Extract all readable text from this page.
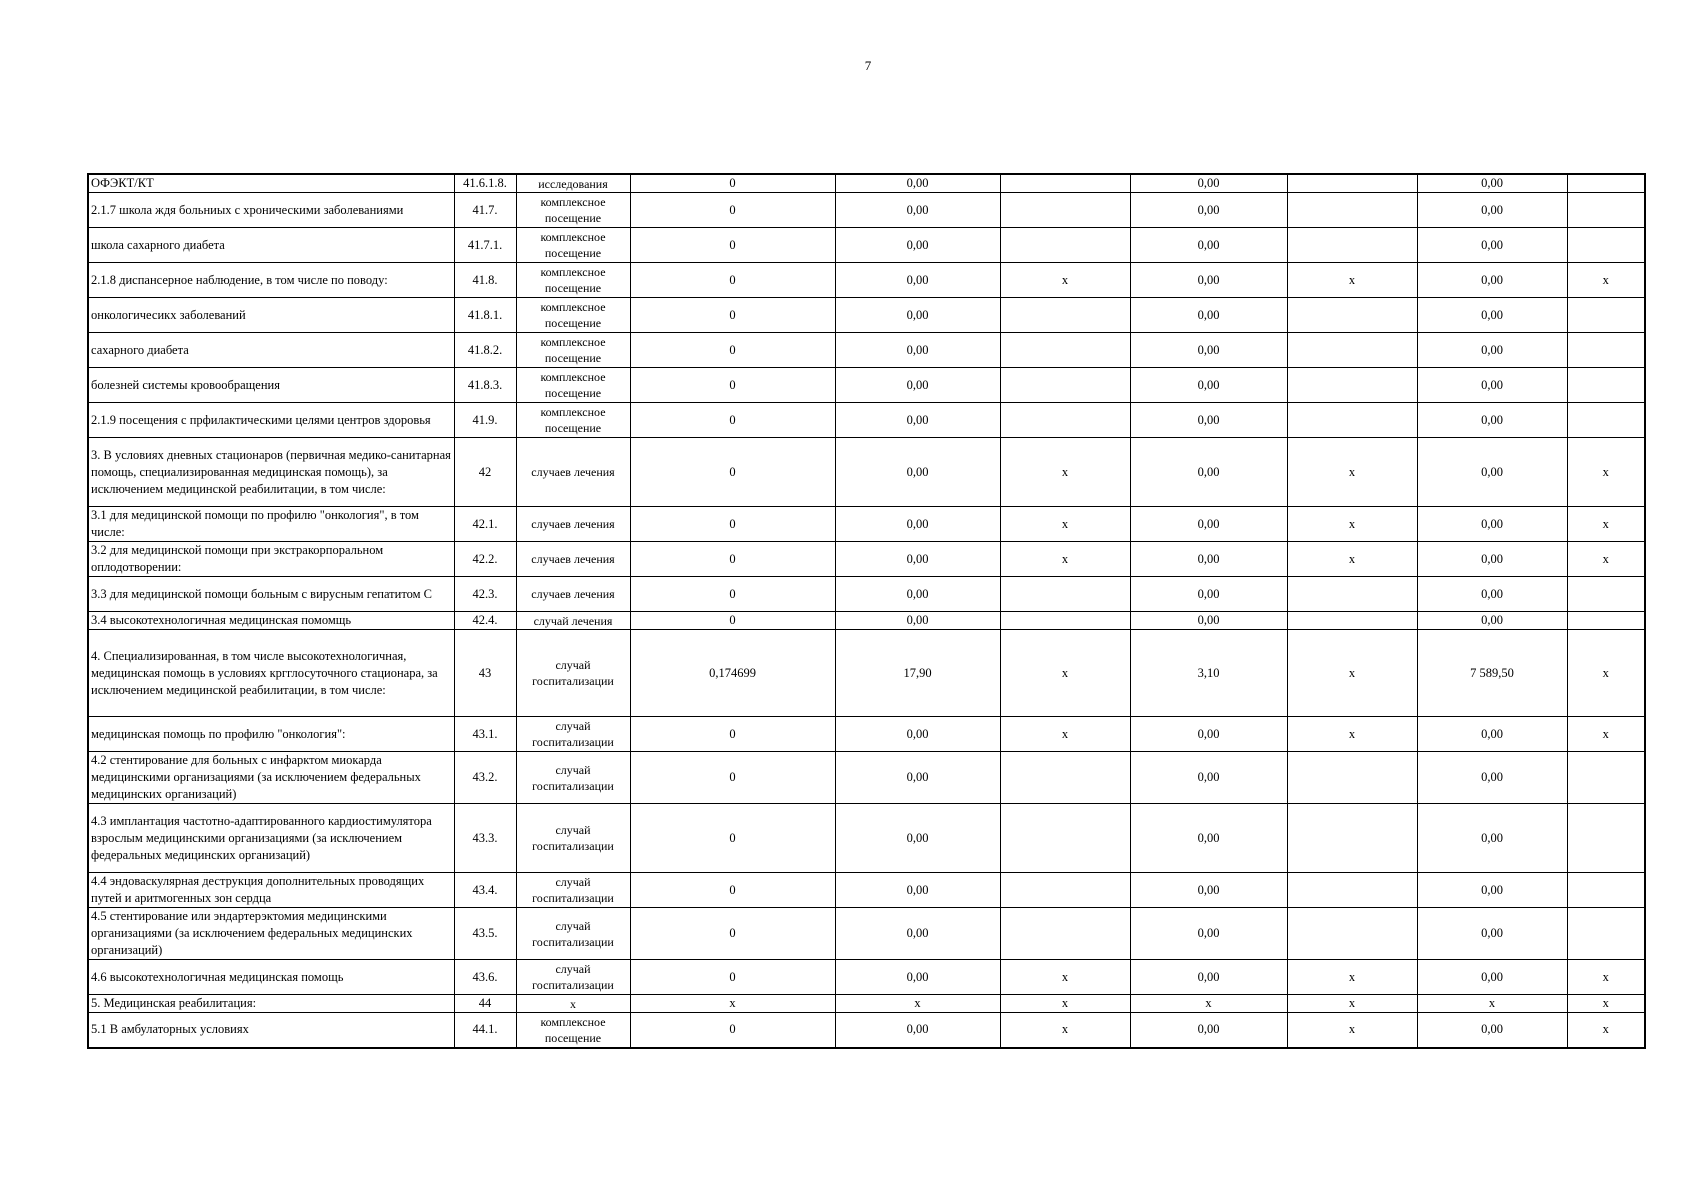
7
ОФЭКТ/КТ	41.6.1.8.	исследования	0	0,00		0,00		0,00	
2.1.7 школа ждя больниых с хроническими заболеваниями	41.7.	комплексное посещение	0	0,00		0,00		0,00	
школа сахарного диабета	41.7.1.	комплексное посещение	0	0,00		0,00		0,00	
2.1.8 диспансерное наблюдение, в том числе по поводу:	41.8.	комплексное посещение	0	0,00	х	0,00	х	0,00	х
онкологичесикх заболеваний	41.8.1.	комплексное посещение	0	0,00		0,00		0,00	
сахарного диабета	41.8.2.	комплексное посещение	0	0,00		0,00		0,00	
болезней системы кровообращения	41.8.3.	комплексное посещение	0	0,00		0,00		0,00	
2.1.9 посещения с прфилактическими целями центров здоровья	41.9.	комплексное посещение	0	0,00		0,00		0,00	
3. В условиях дневных стационаров (первичная медико-санитарная помощь, специализированная медицинская помощь), за исключением медицинской реабилитации, в том числе:	42	случаев лечения	0	0,00	х	0,00	х	0,00	х
3.1 для медицинской помощи по профилю "онкология", в том числе:	42.1.	случаев лечения	0	0,00	х	0,00	х	0,00	х
3.2 для медицинской помощи при экстракорпоральном оплодотворении:	42.2.	случаев лечения	0	0,00	х	0,00	х	0,00	х
3.3 для медицинской помощи больным с вирусным гепатитом С	42.3.	случаев лечения	0	0,00		0,00		0,00	
3.4 высокотехнологичная медицинская помомщь	42.4.	случай лечения	0	0,00		0,00		0,00	
4. Специализированная, в том числе высокотехнологичная, медицинская помощь в условиях кргглосуточного стационара, за исключением медицинской реабилитации, в том числе:	43	случай госпитализации	0,174699	17,90	х	3,10	х	7 589,50	х
медицинская помощь по профилю "онкология":	43.1.	случай госпитализации	0	0,00	х	0,00	х	0,00	х
4.2 стентирование для больных с инфарктом миокарда медицинскими организациями (за исключением федеральных медицинских организаций)	43.2.	случай госпитализации	0	0,00		0,00		0,00	
4.3 имплантация частотно-адаптированного кардиостимулятора взрослым медицинскими организациями (за исключением федеральных медицинских организаций)	43.3.	случай госпитализации	0	0,00		0,00		0,00	
4.4 эндоваскулярная деструкция дополнительных проводящих путей и аритмогенных зон сердца	43.4.	случай госпитализации	0	0,00		0,00		0,00	
4.5 стентирование или эндартерэктомия медицинскими организациями (за исключением федеральных медицинских организаций)	43.5.	случай госпитализации	0	0,00		0,00		0,00	
4.6 высокотехнологичная медицинская помощь	43.6.	случай госпитализации	0	0,00	х	0,00	х	0,00	х
5. Медицинская реабилитация:	44	х	х	х	х	х	х	х	х
5.1 В амбулаторных условиях	44.1.	комплексное посещение	0	0,00	х	0,00	х	0,00	х
